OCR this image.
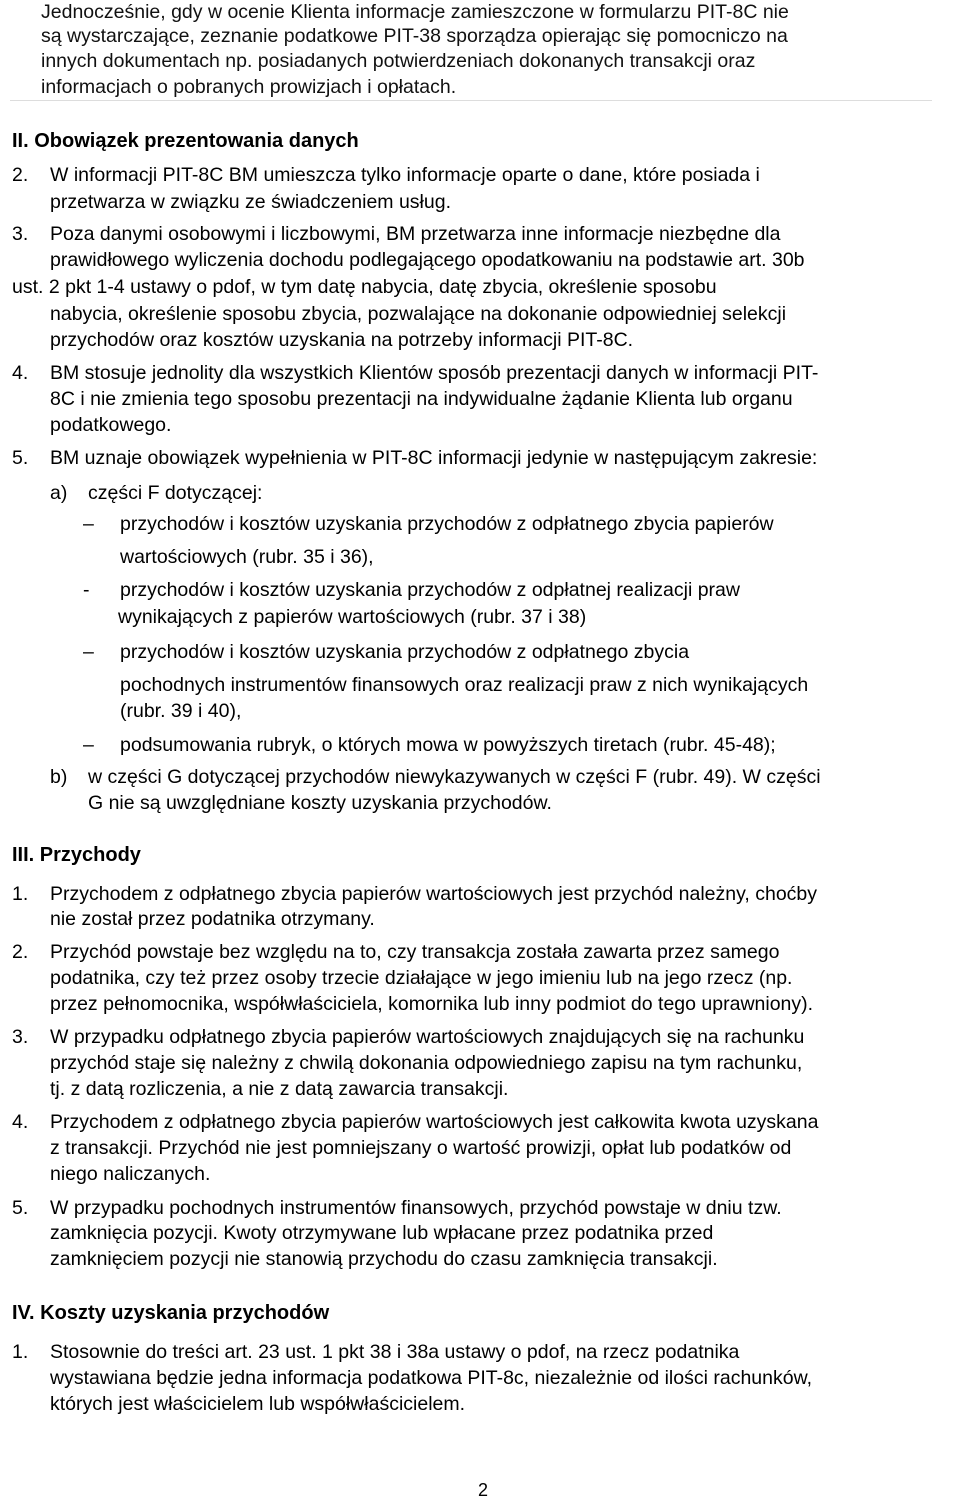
Jednocześnie, gdy w ocenie Klienta informacje zamieszczone w formularzu PIT-8C nie
są wystarczające, zeznanie podatkowe PIT-38 sporządza opierając się pomocniczo na
innych dokumentach np. posiadanych potwierdzeniach dokonanych transakcji oraz
informacjach o pobranych prowizjach i opłatach.
II. Obowiązek prezentowania danych
2. W informacji PIT-8C BM umieszcza tylko informacje oparte o dane, które posiada i
przetwarza w związku ze świadczeniem usług.
3. Poza danymi osobowymi i liczbowymi, BM przetwarza inne informacje niezbędne dla
prawidłowego wyliczenia dochodu podlegającego opodatkowaniu na podstawie art. 30b
ust. 2 pkt 1-4 ustawy o pdof, w tym datę nabycia, datę zbycia, określenie sposobu
nabycia, określenie sposobu zbycia, pozwalające na dokonanie odpowiedniej selekcji
przychodów oraz kosztów uzyskania na potrzeby informacji PIT-8C.
4. BM stosuje jednolity dla wszystkich Klientów sposób prezentacji danych w informacji PIT-
8C i nie zmienia tego sposobu prezentacji na indywidualne żądanie Klienta lub organu
podatkowego.
5. BM uznaje obowiązek wypełnienia w PIT-8C informacji jedynie w następującym zakresie:
a) części F dotyczącej:
– przychodów i kosztów uzyskania przychodów z odpłatnego zbycia papierów
wartościowych (rubr. 35 i 36),
- przychodów i kosztów uzyskania przychodów z odpłatnej realizacji praw
wynikających z papierów wartościowych (rubr. 37 i 38)
– przychodów i kosztów uzyskania przychodów z odpłatnego zbycia
pochodnych instrumentów finansowych oraz realizacji praw z nich wynikających
(rubr. 39 i 40),
– podsumowania rubryk, o których mowa w powyższych tiretach (rubr. 45-48);
b) w części G dotyczącej przychodów niewykazywanych w części F (rubr. 49). W części
G nie są uwzględniane koszty uzyskania przychodów.
III. Przychody
1. Przychodem z odpłatnego zbycia papierów wartościowych jest przychód należny, choćby
nie został przez podatnika otrzymany.
2. Przychód powstaje bez względu na to, czy transakcja została zawarta przez samego
podatnika, czy też przez osoby trzecie działające w jego imieniu lub na jego rzecz (np.
przez pełnomocnika, współwłaściciela, komornika lub inny podmiot do tego uprawniony).
3. W przypadku odpłatnego zbycia papierów wartościowych znajdujących się na rachunku
przychód staje się należny z chwilą dokonania odpowiedniego zapisu na tym rachunku,
tj. z datą rozliczenia, a nie z datą zawarcia transakcji.
4. Przychodem z odpłatnego zbycia papierów wartościowych jest całkowita kwota uzyskana
z transakcji. Przychód nie jest pomniejszany o wartość prowizji, opłat lub podatków od
niego naliczanych.
5. W przypadku pochodnych instrumentów finansowych, przychód powstaje w dniu tzw.
zamknięcia pozycji. Kwoty otrzymywane lub wpłacane przez podatnika przed
zamknięciem pozycji nie stanowią przychodu do czasu zamknięcia transakcji.
IV. Koszty uzyskania przychodów
1. Stosownie do treści art. 23 ust. 1 pkt 38 i 38a ustawy o pdof, na rzecz podatnika
wystawiana będzie jedna informacja podatkowa PIT-8c, niezależnie od ilości rachunków,
których jest właścicielem lub współwłaścicielem.
2
